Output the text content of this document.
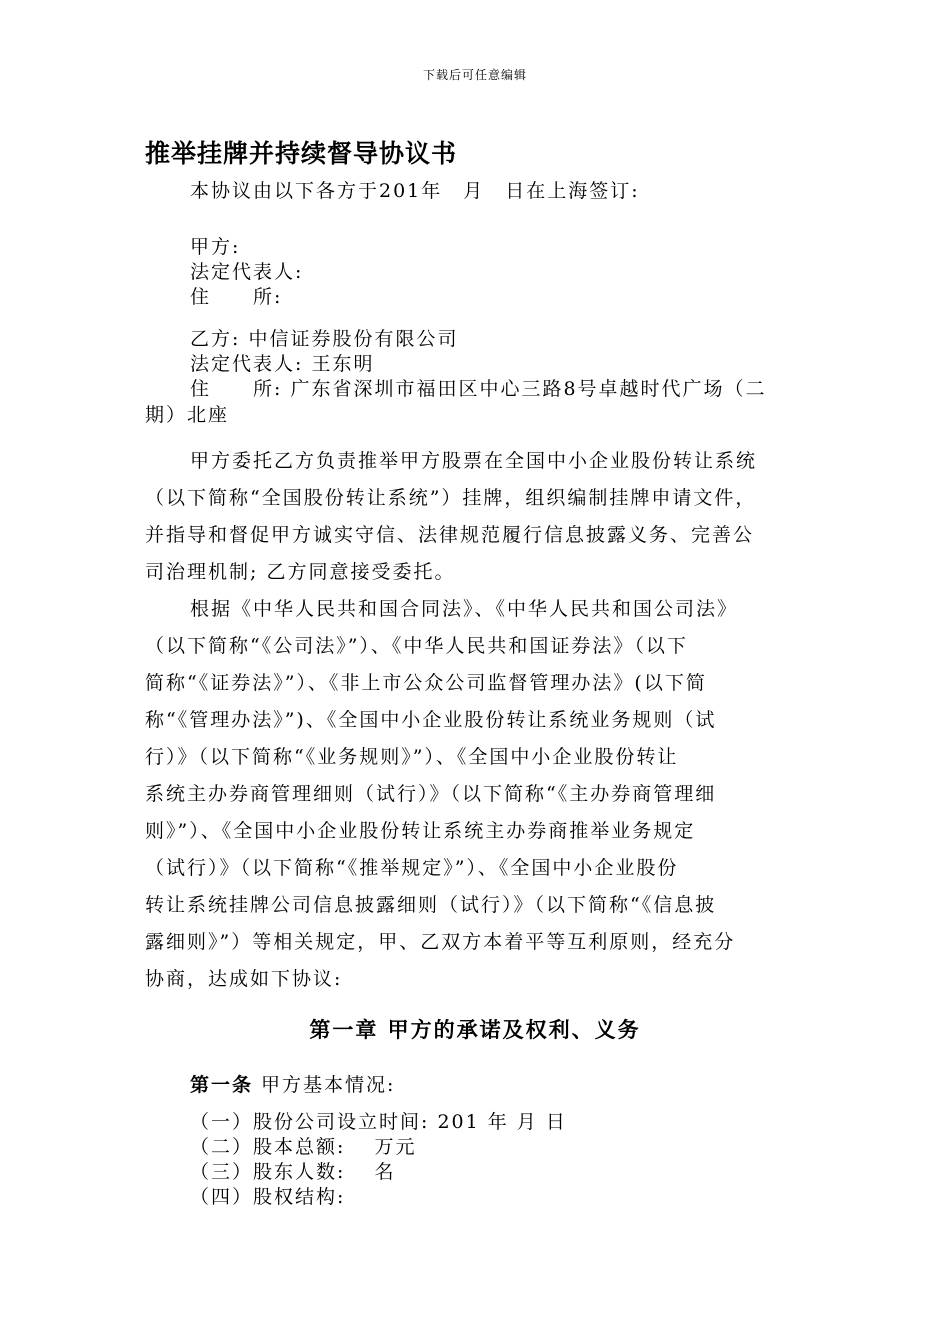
下载后可任意编辑
推举挂牌并持续督导协议书

本协议由以下各方于201年　月　日在上海签订:

甲方:

法定代表人:

住　　所:

乙方: 中信证券股份有限公司

法定代表人: 王东明

住　　所: 广东省深圳市福田区中心三路8号卓越时代广场（二

期）北座

甲方委托乙方负责推举甲方股票在全国中小企业股份转让系统

（以下简称“全国股份转让系统”）挂牌，组织编制挂牌申请文件，

并指导和督促甲方诚实守信、法律规范履行信息披露义务、完善公

司治理机制; 乙方同意接受委托。

根据《中华人民共和国合同法》、《中华人民共和国公司法》

（以下简称“《公司法》”）、《中华人民共和国证券法》（以下

简称“《证券法》”）、《非上市公众公司监督管理办法》(以下简

称“《管理办法》”)、《全国中小企业股份转让系统业务规则（试

行）》（以下简称“《业务规则》”）、《全国中小企业股份转让

系统主办券商管理细则（试行）》（以下简称“《主办券商管理细

则》”）、《全国中小企业股份转让系统主办券商推举业务规定

（试行）》（以下简称“《推举规定》”）、《全国中小企业股份

转让系统挂牌公司信息披露细则（试行）》（以下简称“《信息披

露细则》”）等相关规定，甲、乙双方本着平等互利原则，经充分

协商，达成如下协议:

第一章 甲方的承诺及权利、义务

第一条 甲方基本情况:

（一）股份公司设立时间: 201 年 月 日

（二）股本总额:　 万元

（三）股东人数:　 名

（四）股权结构:
